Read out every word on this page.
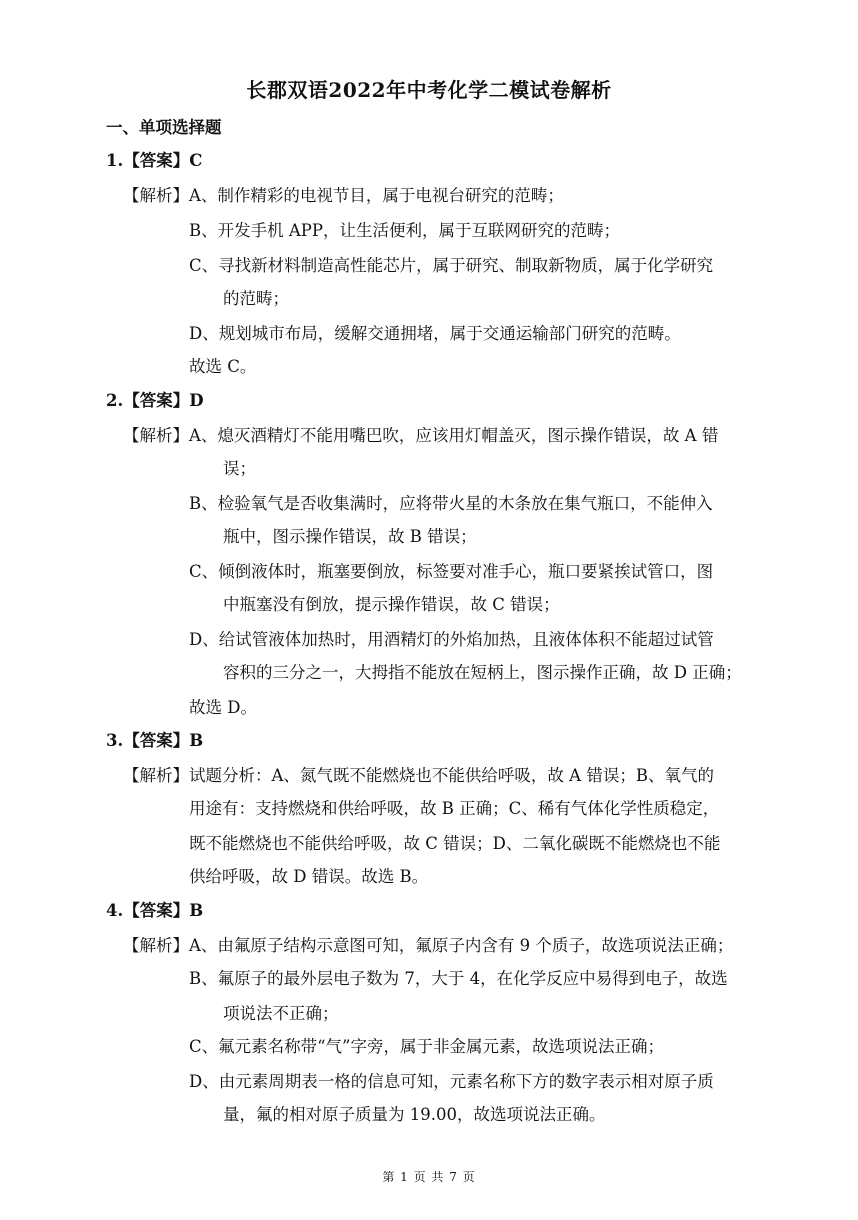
长郡双语2022年中考化学二模试卷解析
一、单项选择题
1.【答案】C
【解析】A、制作精彩的电视节目，属于电视台研究的范畴；
B、开发手机 APP，让生活便利，属于互联网研究的范畴；
C、寻找新材料制造高性能芯片，属于研究、制取新物质，属于化学研究
的范畴；
D、规划城市布局，缓解交通拥堵，属于交通运输部门研究的范畴。
故选 C。
2.【答案】D
【解析】A、熄灭酒精灯不能用嘴巴吹，应该用灯帽盖灭，图示操作错误，故 A 错
误；
B、检验氧气是否收集满时，应将带火星的木条放在集气瓶口，不能伸入
瓶中，图示操作错误，故 B 错误；
C、倾倒液体时，瓶塞要倒放，标签要对准手心，瓶口要紧挨试管口，图
中瓶塞没有倒放，提示操作错误，故 C 错误；
D、给试管液体加热时，用酒精灯的外焰加热，且液体体积不能超过试管
容积的三分之一，大拇指不能放在短柄上，图示操作正确，故 D 正确；
故选 D。
3.【答案】B
【解析】试题分析：A、氮气既不能燃烧也不能供给呼吸，故 A 错误；B、氧气的
用途有：支持燃烧和供给呼吸，故 B 正确；C、稀有气体化学性质稳定，
既不能燃烧也不能供给呼吸，故 C 错误；D、二氧化碳既不能燃烧也不能
供给呼吸，故 D 错误。故选 B。
4.【答案】B
【解析】A、由氟原子结构示意图可知，氟原子内含有 9 个质子，故选项说法正确；
B、氟原子的最外层电子数为 7，大于 4，在化学反应中易得到电子，故选
项说法不正确；
C、氟元素名称带“气”字旁，属于非金属元素，故选项说法正确；
D、由元素周期表一格的信息可知，元素名称下方的数字表示相对原子质
量，氟的相对原子质量为 19.00，故选项说法正确。
第 1 页 共 7 页
